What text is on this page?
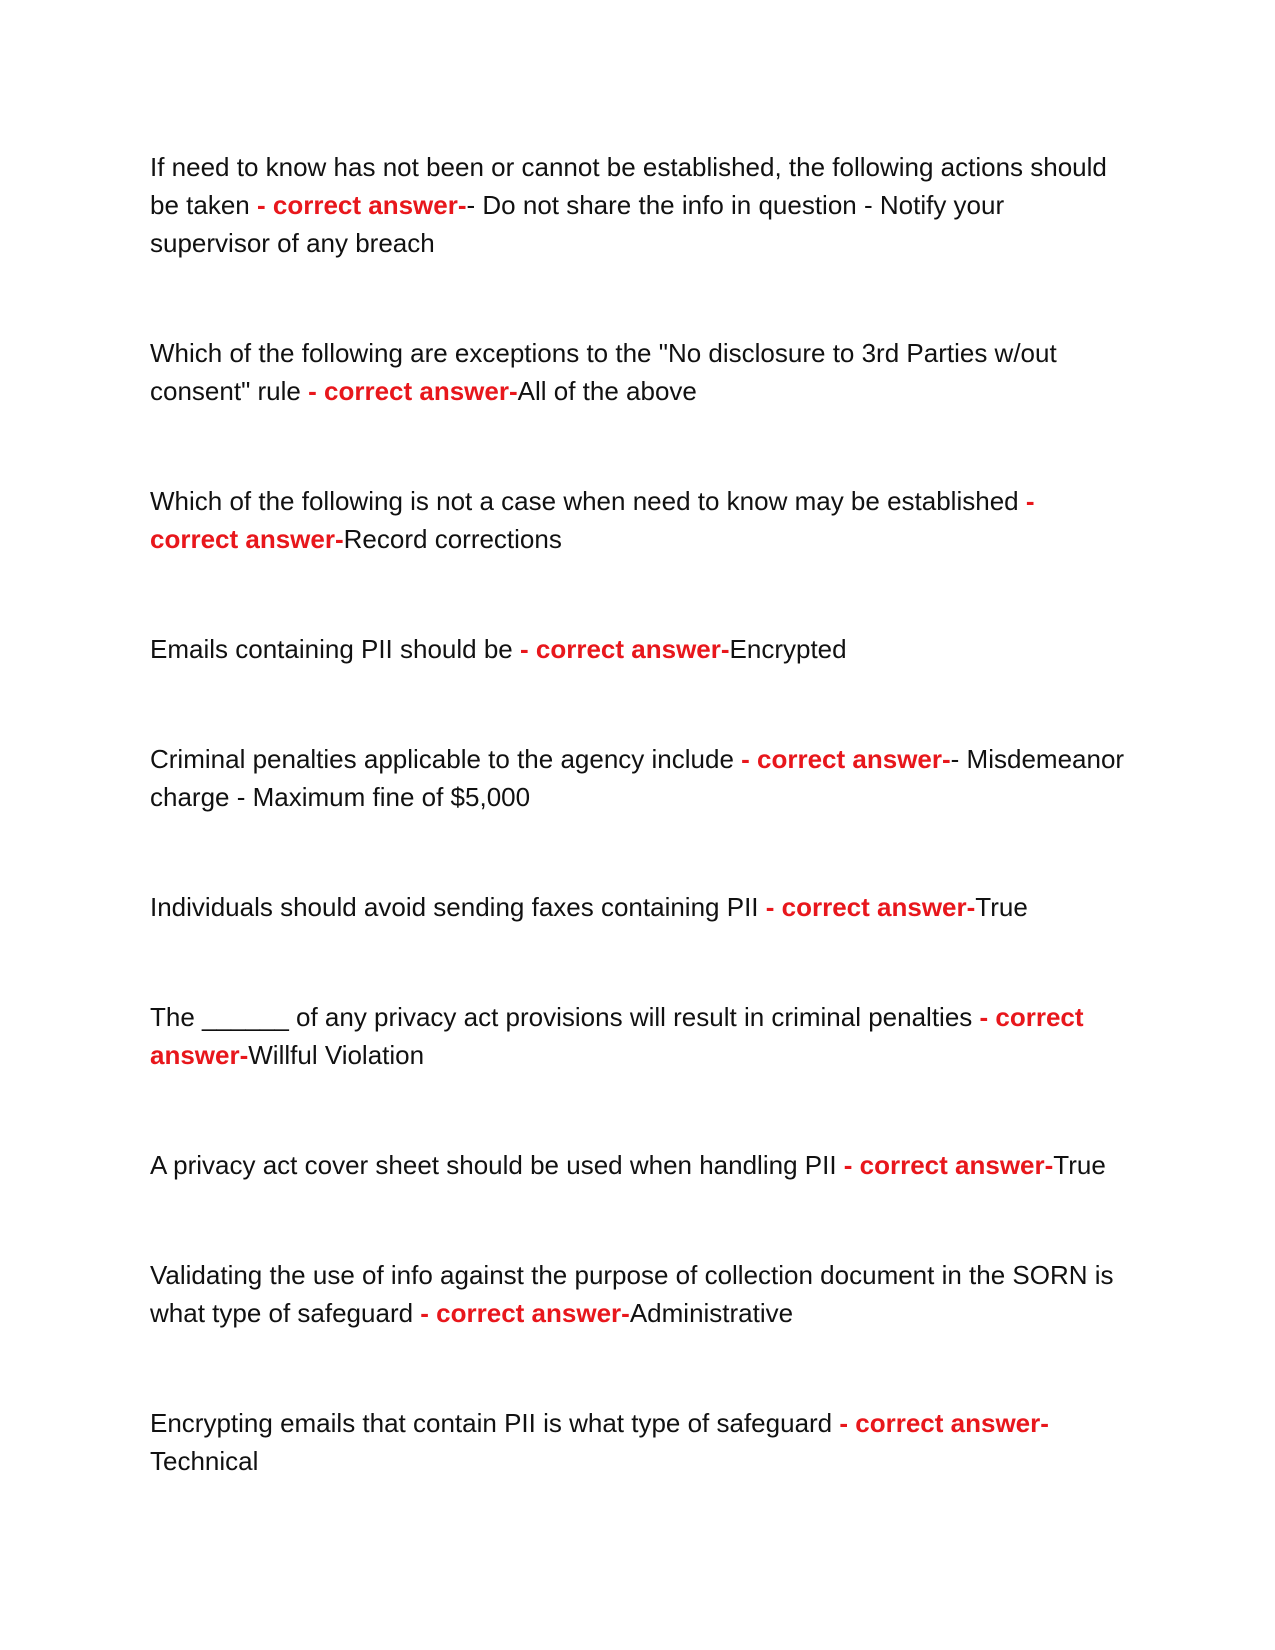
If need to know has not been or cannot be established, the following actions should be taken - correct answer-- Do not share the info in question - Notify your supervisor of any breach

Which of the following are exceptions to the "No disclosure to 3rd Parties w/out consent" rule - correct answer-All of the above

Which of the following is not a case when need to know may be established - correct answer-Record corrections

Emails containing PII should be - correct answer-Encrypted

Criminal penalties applicable to the agency include - correct answer-- Misdemeanor charge - Maximum fine of $5,000

Individuals should avoid sending faxes containing PII - correct answer-True

The ______ of any privacy act provisions will result in criminal penalties - correct answer-Willful Violation

A privacy act cover sheet should be used when handling PII - correct answer-True

Validating the use of info against the purpose of collection document in the SORN is what type of safeguard - correct answer-Administrative

Encrypting emails that contain PII is what type of safeguard - correct answer-Technical
